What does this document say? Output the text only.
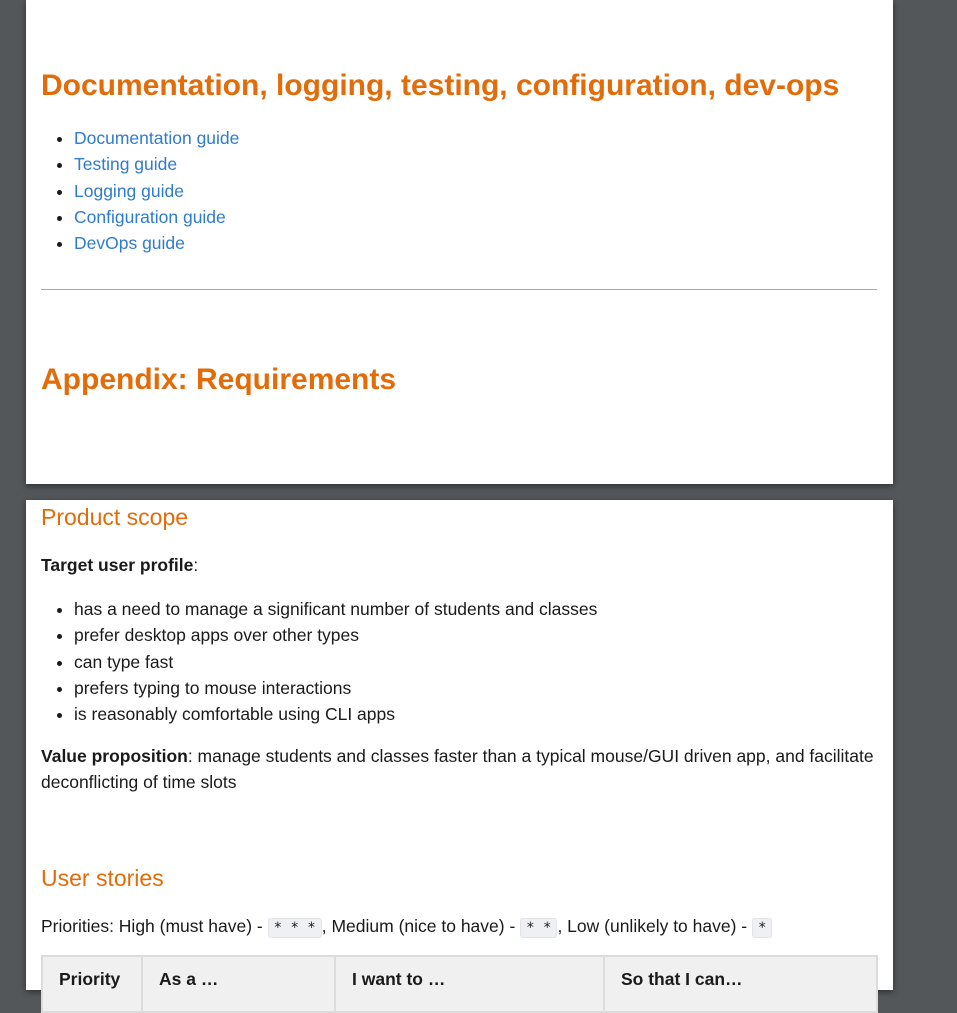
Documentation, logging, testing, configuration, dev-ops
• Documentation guide
• Testing guide
• Logging guide
• Configuration guide
• DevOps guide
Appendix: Requirements
Product scope

Target user profile:

• has a need to manage a significant number of students and classes
• prefer desktop apps over other types
• can type fast
• prefers typing to mouse interactions
• is reasonably comfortable using CLI apps

Value proposition: manage students and classes faster than a typical mouse/GUI driven app, and facilitate deconflicting of time slots

User stories

Priorities: High (must have) - * * * , Medium (nice to have) - * * , Low (unlikely to have) - *

Priority	As a …	I want to …	So that I can…
